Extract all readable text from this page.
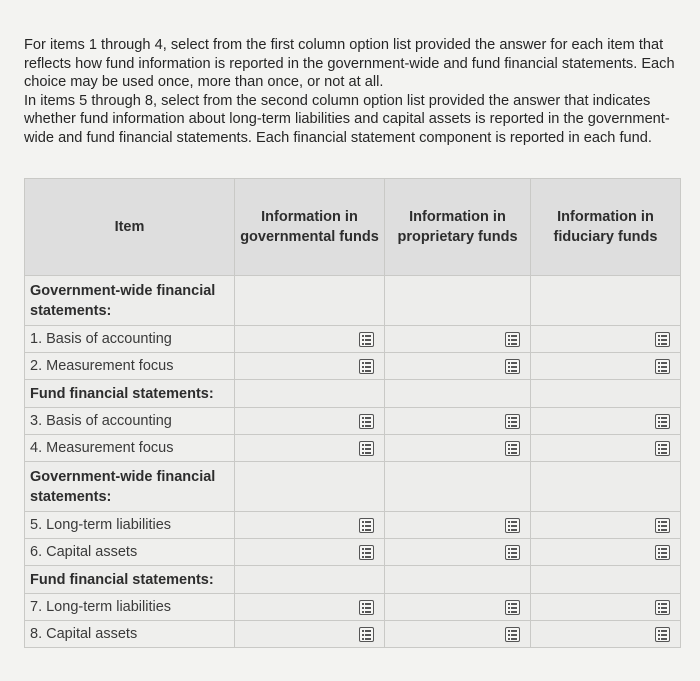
For items 1 through 4, select from the first column option list provided the answer for each item that reflects how fund information is reported in the government-wide and fund financial statements. Each choice may be used once, more than once, or not at all.

In items 5 through 8, select from the second column option list provided the answer that indicates whether fund information about long-term liabilities and capital assets is reported in the government-wide and fund financial statements. Each financial statement component is reported in each fund.

Item	Information in governmental funds	Information in proprietary funds	Information in fiduciary funds
Government-wide financial statements:			
1. Basis of accounting			
2. Measurement focus			
Fund financial statements:			
3. Basis of accounting			
4. Measurement focus			
Government-wide financial statements:			
5. Long-term liabilities			
6. Capital assets			
Fund financial statements:			
7. Long-term liabilities			
8. Capital assets			
